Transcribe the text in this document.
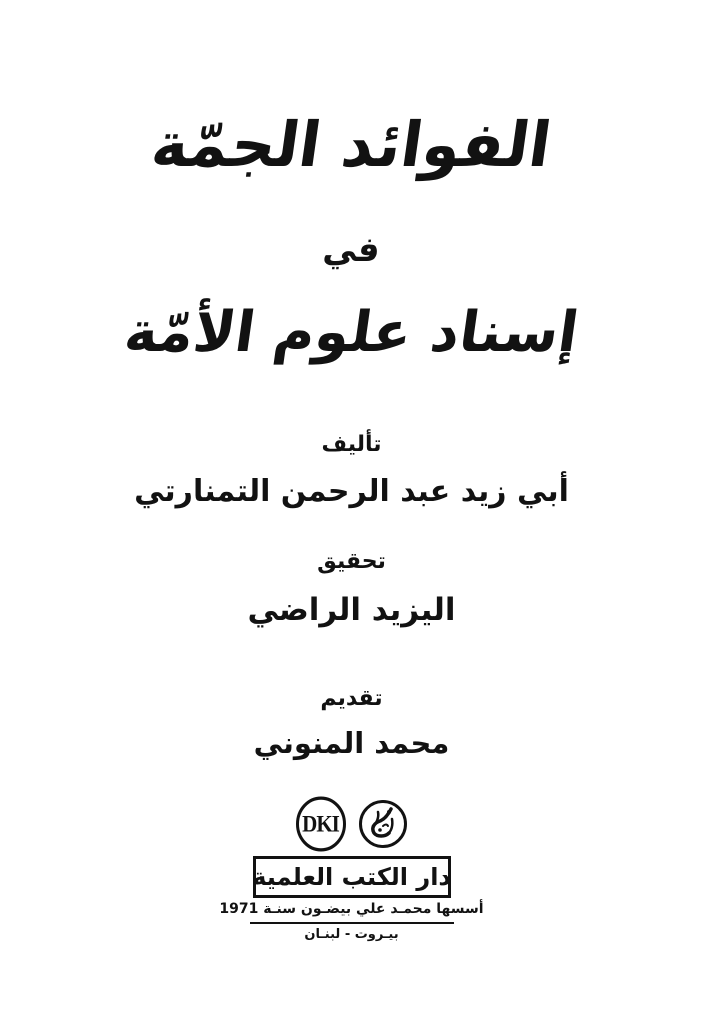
الفوائد الجمّة
في
إسناد علوم الأمّة
تأليف
أبي زيد عبد الرحمن التمنارتي
تحقيق
اليزيد الراضي
تقديم
محمد المنوني
DKI
دار الكتب العلمية
أسسها محمـد علي بيضـون سنـة 1971
بيـروت - لبنـان
